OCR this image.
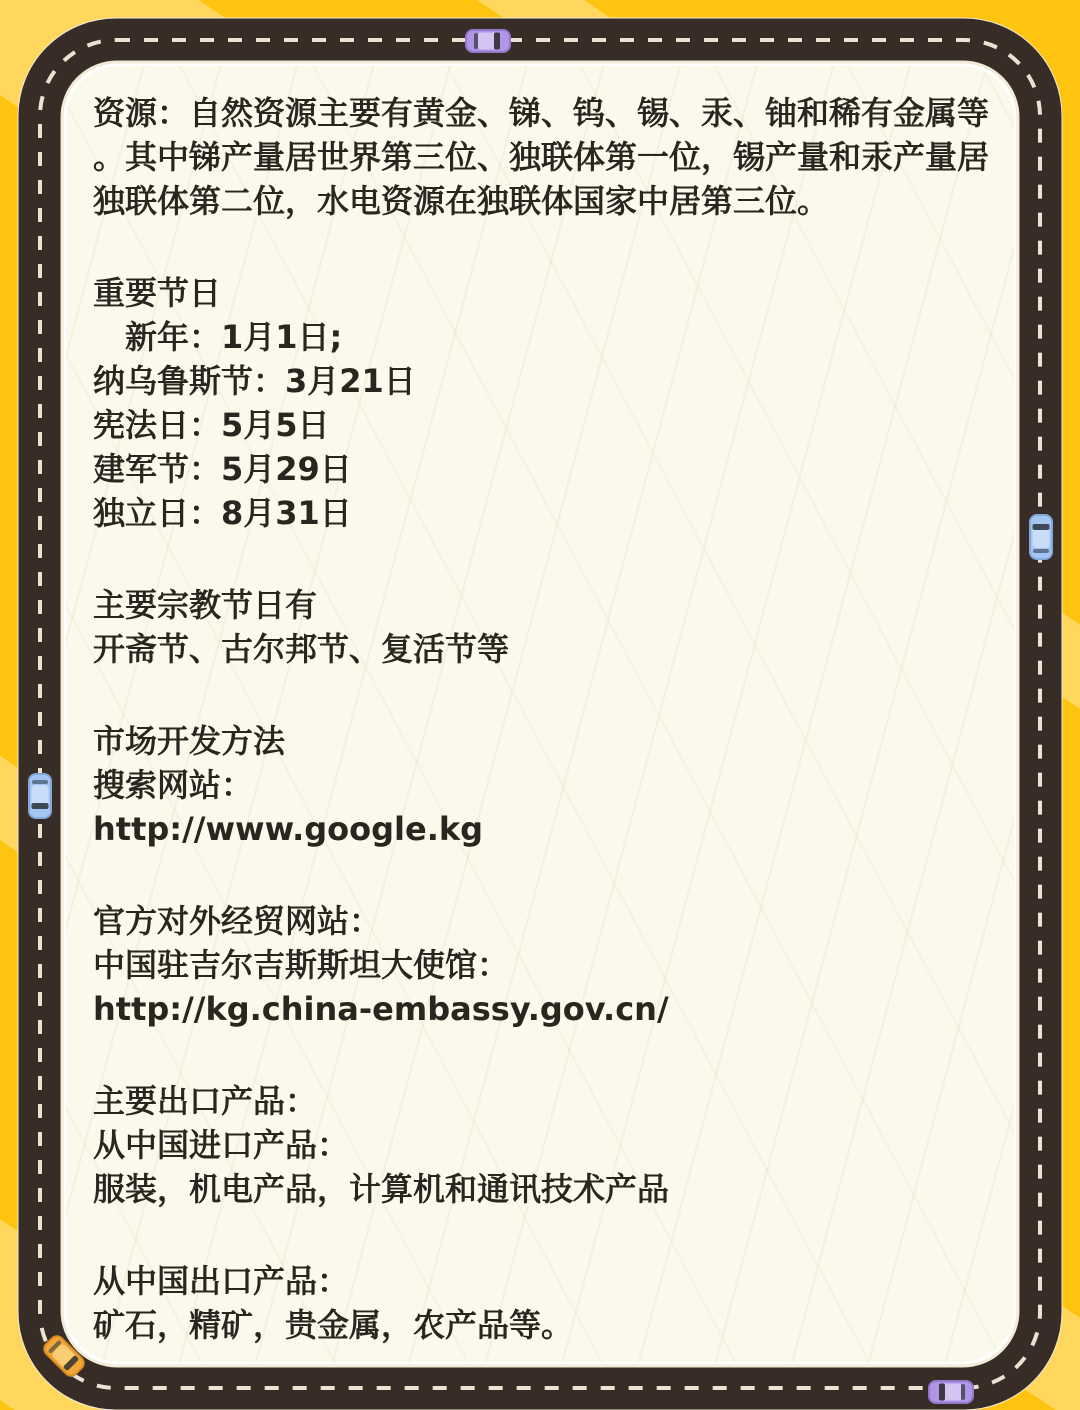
资源：自然资源主要有黄金、锑、钨、锡、汞、铀和稀有金属等
。其中锑产量居世界第三位、独联体第一位，锡产量和汞产量居
独联体第二位，水电资源在独联体国家中居第三位。
重要节日
　新年：1月1日;
纳乌鲁斯节：3月21日
宪法日：5月5日
建军节：5月29日
独立日：8月31日
主要宗教节日有
开斋节、古尔邦节、复活节等
市场开发方法
搜索网站：
http://www.google.kg
官方对外经贸网站：
中国驻吉尔吉斯斯坦大使馆：
http://kg.china-embassy.gov.cn/
主要出口产品：
从中国进口产品：
服装，机电产品，计算机和通讯技术产品
从中国出口产品：
矿石，精矿，贵金属，农产品等。
